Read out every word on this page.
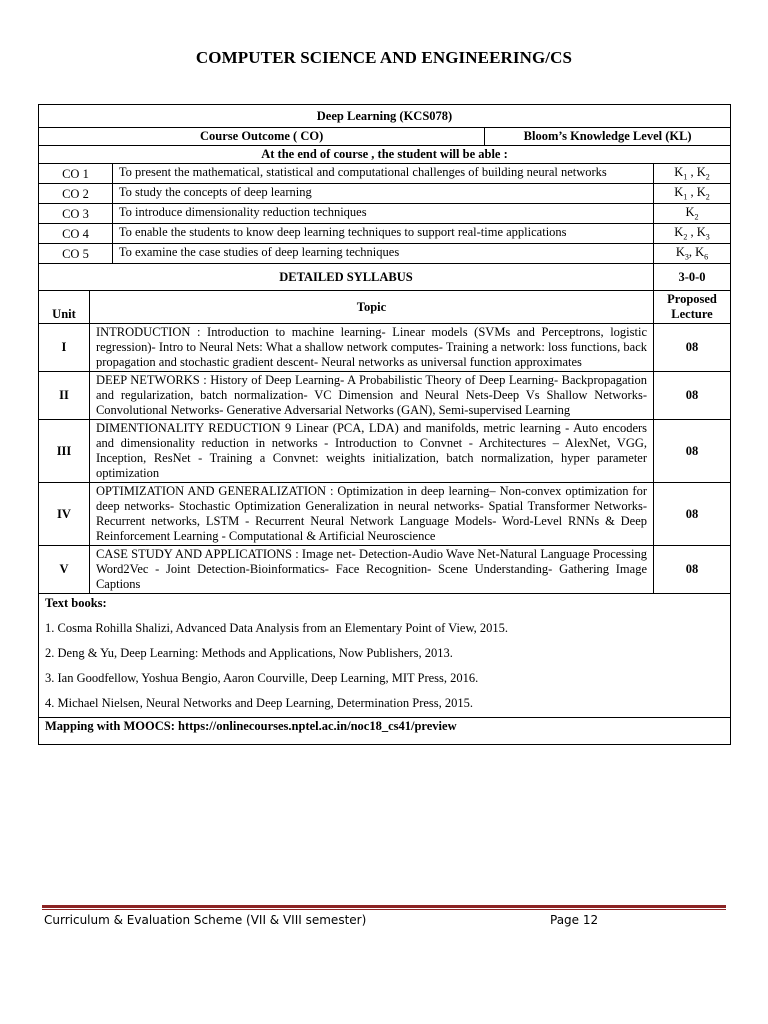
COMPUTER SCIENCE AND ENGINEERING/CS
Deep Learning (KCS078)				
Course Outcome ( CO)			Bloom’s Knowledge Level (KL)	
At the end of course , the student will be able :				
CO 1		To present the mathematical, statistical and computational challenges of building neural networks		$K_1$ , $K_2$
CO 2		To study the concepts of deep learning		$K_1$ , $K_2$
CO 3		To introduce dimensionality reduction techniques		$K_2$
CO 4		To enable the students to know deep learning techniques to support real-time applications		$K_2$ , $K_3$
CO 5		To examine the case studies of deep learning techniques		$K_3$, $K_6$
DETAILED SYLLABUS				3-0-0
Unit	Topic			Proposed Lecture
I	INTRODUCTION : Introduction to machine learning- Linear models (SVMs and Perceptrons, logistic regression)- Intro to Neural Nets: What a shallow network computes- Training a network: loss functions, back propagation and stochastic gradient descent- Neural networks as universal function approximates			08
II	DEEP NETWORKS : History of Deep Learning- A Probabilistic Theory of Deep Learning- Backpropagation and regularization, batch normalization- VC Dimension and Neural Nets-Deep Vs Shallow Networks-Convolutional Networks- Generative Adversarial Networks (GAN), Semi-supervised Learning			08
III	DIMENTIONALITY REDUCTION 9 Linear (PCA, LDA) and manifolds, metric learning - Auto encoders and dimensionality reduction in networks - Introduction to Convnet - Architectures – AlexNet, VGG, Inception, ResNet - Training a Convnet: weights initialization, batch normalization, hyper parameter optimization			08
IV	OPTIMIZATION AND GENERALIZATION : Optimization in deep learning– Non-convex optimization for deep networks- Stochastic Optimization Generalization in neural networks- Spatial Transformer Networks- Recurrent networks, LSTM - Recurrent Neural Network Language Models- Word-Level RNNs & Deep Reinforcement Learning - Computational & Artificial Neuroscience			08
V	CASE STUDY AND APPLICATIONS : Image net- Detection-Audio Wave Net-Natural Language Processing Word2Vec - Joint Detection-Bioinformatics- Face Recognition- Scene Understanding- Gathering Image Captions			08

Text books:

1. Cosma Rohilla Shalizi, Advanced Data Analysis from an Elementary Point of View, 2015.

2. Deng & Yu, Deep Learning: Methods and Applications, Now Publishers, 2013.

3. Ian Goodfellow, Yoshua Bengio, Aaron Courville, Deep Learning, MIT Press, 2016.

4. Michael Nielsen, Neural Networks and Deep Learning, Determination Press, 2015.				

Mapping with MOOCS: https://onlinecourses.nptel.ac.in/noc18_cs41/preview				
Curriculum & Evaluation Scheme (VII & VIII semester)	Page 12
